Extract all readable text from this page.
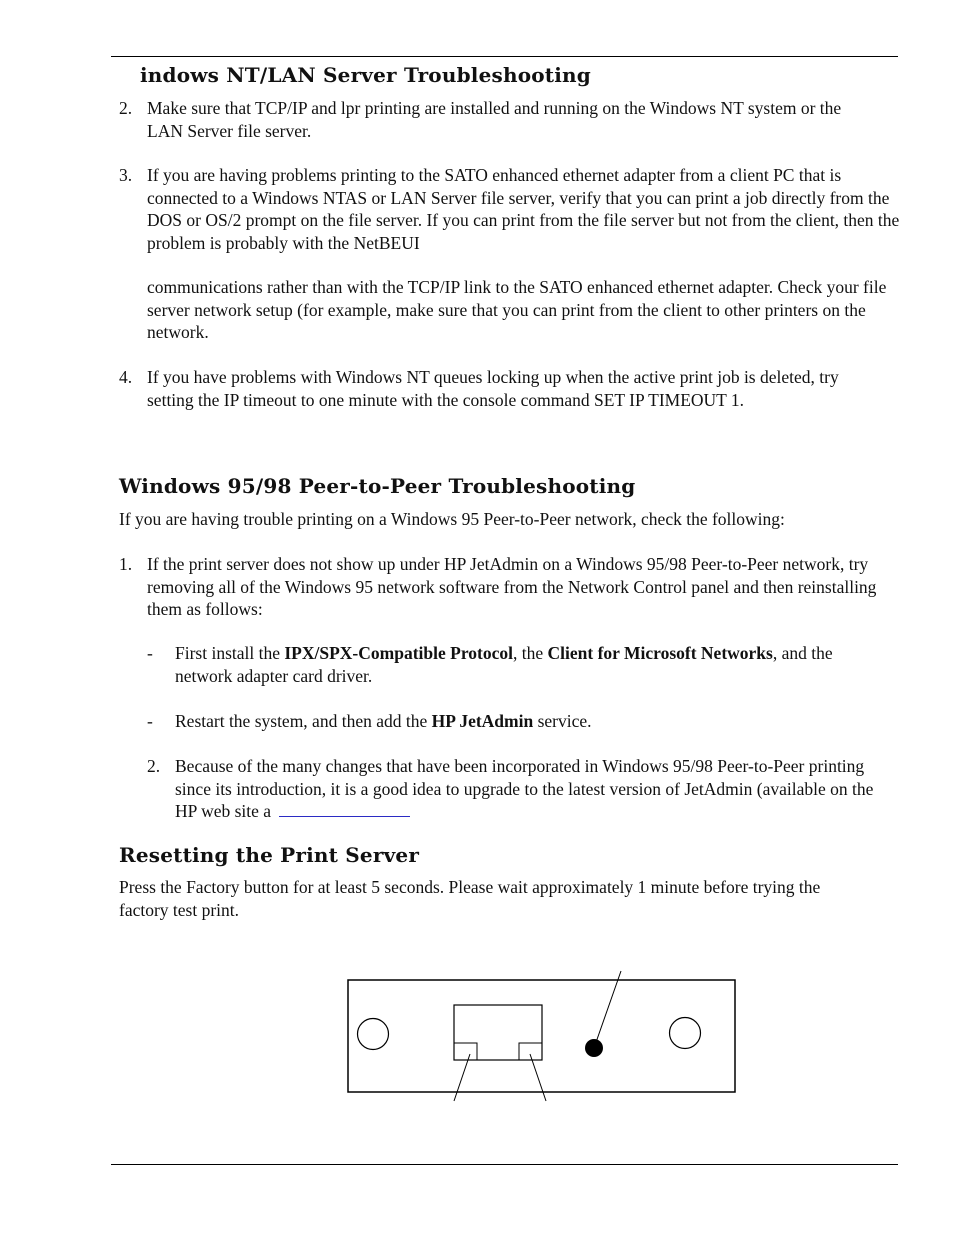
indows NT/LAN Server Troubleshooting
2. Make sure that TCP/IP and lpr printing are installed and running on the Windows NT system or the LAN Server file server.

3. If you are having problems printing to the SATO enhanced ethernet adapter from a client PC that is connected to a Windows NTAS or LAN Server file server, verify that you can print a job directly from the DOS or OS/2 prompt on the file server. If you can print from the file server but not from the client, then the problem is probably with the NetBEUI

communications rather than with the TCP/IP link to the SATO enhanced ethernet adapter. Check your file server network setup (for example, make sure that you can print from the client to other printers on the network.

4. If you have problems with Windows NT queues locking up when the active print job is deleted, try setting the IP timeout to one minute with the console command SET IP TIMEOUT 1.

Windows 95/98 Peer-to-Peer Troubleshooting

If you are having trouble printing on a Windows 95 Peer-to-Peer network, check the following:

1. If the print server does not show up under HP JetAdmin on a Windows 95/98 Peer-to-Peer network, try removing all of the Windows 95 network software from the Network Control panel and then reinstalling them as follows:

- First install the IPX/SPX-Compatible Protocol, the Client for Microsoft Networks, and the network adapter card driver.

- Restart the system, and then add the HP JetAdmin service.

2. Because of the many changes that have been incorporated in Windows 95/98 Peer-to-Peer printing since its introduction, it is a good idea to upgrade to the latest version of JetAdmin (available on the HP web site a

Resetting the Print Server

Press the Factory button for at least 5 seconds. Please wait approximately 1 minute before trying the factory test print.
